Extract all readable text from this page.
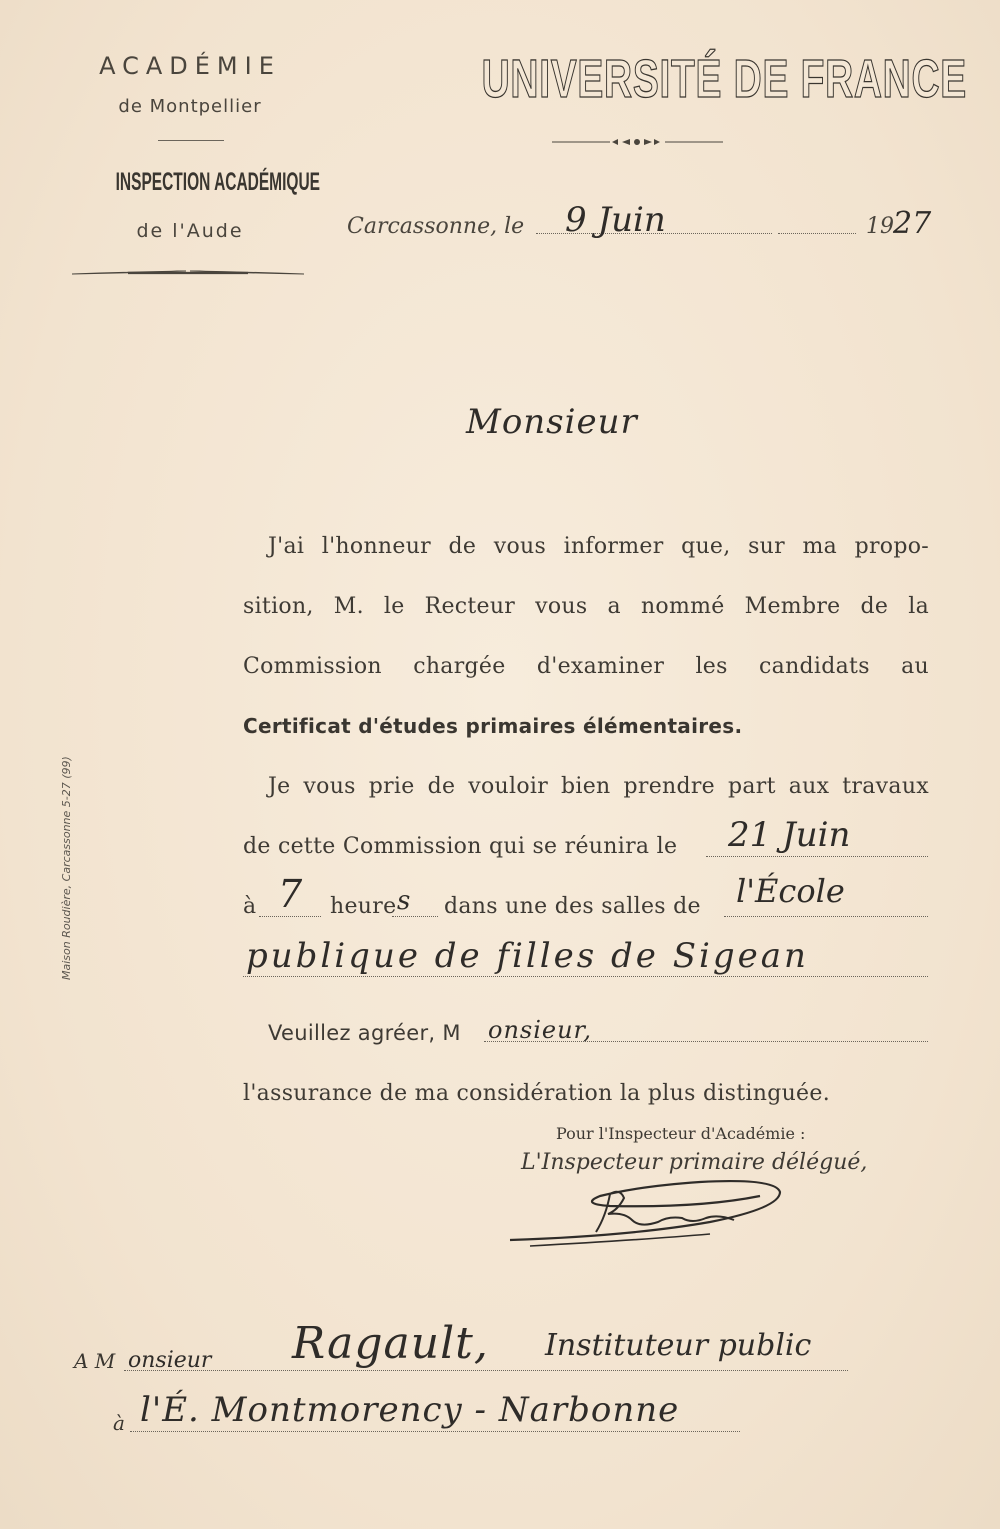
ACADÉMIE
de Montpellier
INSPECTION ACADÉMIQUE
de l'Aude
UNIVERSITÉ DE FRANCE
Carcassonne, le 9 Juin	19 27
Monsieur
J'ai l'honneur de vous informer que, sur ma propo-
sition, M. le Recteur vous a nommé Membre de la
Commission chargée d'examiner les candidats au
Certificat d'études primaires élémentaires.
Je vous prie de vouloir bien prendre part aux travaux
de cette Commission qui se réunira le 21 Juin
à 7 heure s dans une des salles de l'École
publique de filles de Sigean
Veuillez agréer, M onsieur,
l'assurance de ma considération la plus distinguée.
Pour l'Inspecteur d'Académie :
L'Inspecteur primaire délégué,
Maison Roudière, Carcassonne 5-27 (99)
A M onsieur Ragault, Instituteur public
à l'É. Montmorency - Narbonne
